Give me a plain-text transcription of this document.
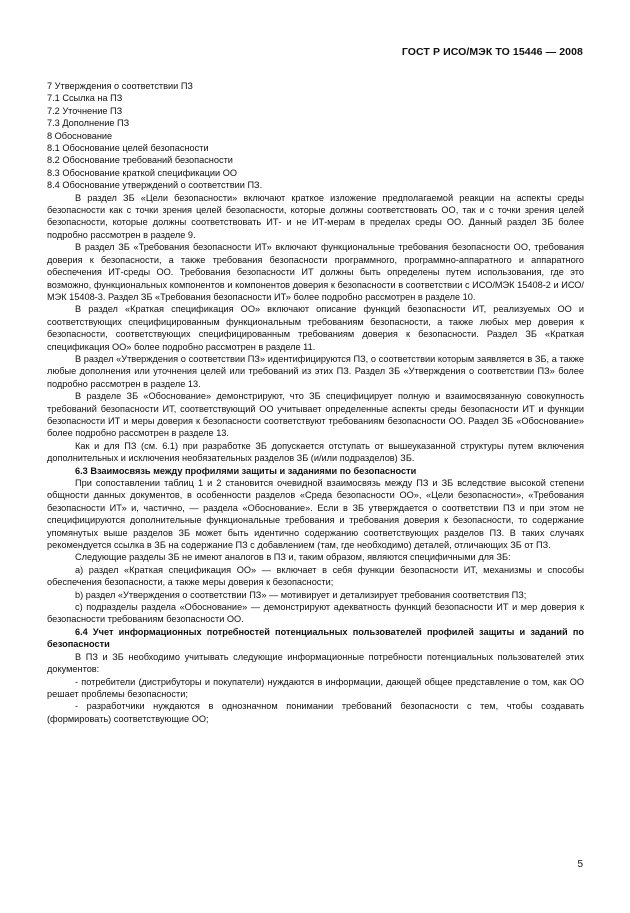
ГОСТ Р ИСО/МЭК ТО 15446 — 2008
7 Утверждения о соответствии ПЗ
7.1 Ссылка на ПЗ
7.2 Уточнение ПЗ
7.3 Дополнение ПЗ
8 Обоснование
8.1 Обоснование целей безопасности
8.2 Обоснование требований безопасности
8.3 Обоснование краткой спецификации ОО
8.4 Обоснование утверждений о соответствии ПЗ.

В раздел ЗБ «Цели безопасности» включают краткое изложение предполагаемой реакции на аспекты среды безопасности как с точки зрения целей безопасности, которые должны соответствовать ОО, так и с точки зрения целей безопасности, которые должны соответствовать ИТ- и не ИТ-мерам в пределах среды ОО. Данный раздел ЗБ более подробно рассмотрен в разделе 9.

В раздел ЗБ «Требования безопасности ИТ» включают функциональные требования безопасности ОО, требования доверия к безопасности, а также требования безопасности программного, программно-аппаратного и аппаратного обеспечения ИТ-среды ОО. Требования безопасности ИТ должны быть определены путем использования, где это возможно, функциональных компонентов и компонентов доверия к безопасности в соответствии с ИСО/МЭК 15408-2 и ИСО/МЭК 15408-3. Раздел ЗБ «Требования безопасности ИТ» более подробно рассмотрен в разделе 10.

В раздел «Краткая спецификация ОО» включают описание функций безопасности ИТ, реализуемых ОО и соответствующих специфицированным функциональным требованиям безопасности, а также любых мер доверия к безопасности, соответствующих специфицированным требованиям доверия к безопасности. Раздел ЗБ «Краткая спецификация ОО» более подробно рассмотрен в разделе 11.

В раздел «Утверждения о соответствии ПЗ» идентифицируются ПЗ, о соответствии которым заявляется в ЗБ, а также любые дополнения или уточнения целей или требований из этих ПЗ. Раздел ЗБ «Утверждения о соответствии ПЗ» более подробно рассмотрен в разделе 13.

В разделе ЗБ «Обоснование» демонстрируют, что ЗБ специфицирует полную и взаимосвязанную совокупность требований безопасности ИТ, соответствующий ОО учитывает определенные аспекты среды безопасности ИТ и функции безопасности ИТ и меры доверия к безопасности соответствуют требованиям безопасности ОО. Раздел ЗБ «Обоснование» более подробно рассмотрен в разделе 13.

Как и для ПЗ (см. 6.1) при разработке ЗБ допускается отступать от вышеуказанной структуры путем включения дополнительных и исключения необязательных разделов ЗБ (и/или подразделов) ЗБ.

6.3 Взаимосвязь между профилями защиты и заданиями по безопасности

При сопоставлении таблиц 1 и 2 становится очевидной взаимосвязь между ПЗ и ЗБ вследствие высокой степени общности данных документов, в особенности разделов «Среда безопасности ОО», «Цели безопасности», «Требования безопасности ИТ» и, частично, — раздела «Обоснование». Если в ЗБ утверждается о соответствии ПЗ и при этом не специфицируются дополнительные функциональные требования и требования доверия к безопасности, то содержание упомянутых выше разделов ЗБ может быть идентично содержанию соответствующих разделов ПЗ. В таких случаях рекомендуется ссылка в ЗБ на содержание ПЗ с добавлением (там, где необходимо) деталей, отличающих ЗБ от ПЗ.

Следующие разделы ЗБ не имеют аналогов в ПЗ и, таким образом, являются специфичными для ЗБ:

a) раздел «Краткая спецификация ОО» — включает в себя функции безопасности ИТ, механизмы и способы обеспечения безопасности, а также меры доверия к безопасности;

b) раздел «Утверждения о соответствии ПЗ» — мотивирует и детализирует требования соответствия ПЗ;

c) подразделы раздела «Обоснование» — демонстрируют адекватность функций безопасности ИТ и мер доверия к безопасности требованиям безопасности ОО.

6.4 Учет информационных потребностей потенциальных пользователей профилей защиты и заданий по безопасности

В ПЗ и ЗБ необходимо учитывать следующие информационные потребности потенциальных пользователей этих документов:

- потребители (дистрибуторы и покупатели) нуждаются в информации, дающей общее представление о том, как ОО решает проблемы безопасности;

- разработчики нуждаются в однозначном понимании требований безопасности с тем, чтобы создавать (формировать) соответствующие ОО;

5
